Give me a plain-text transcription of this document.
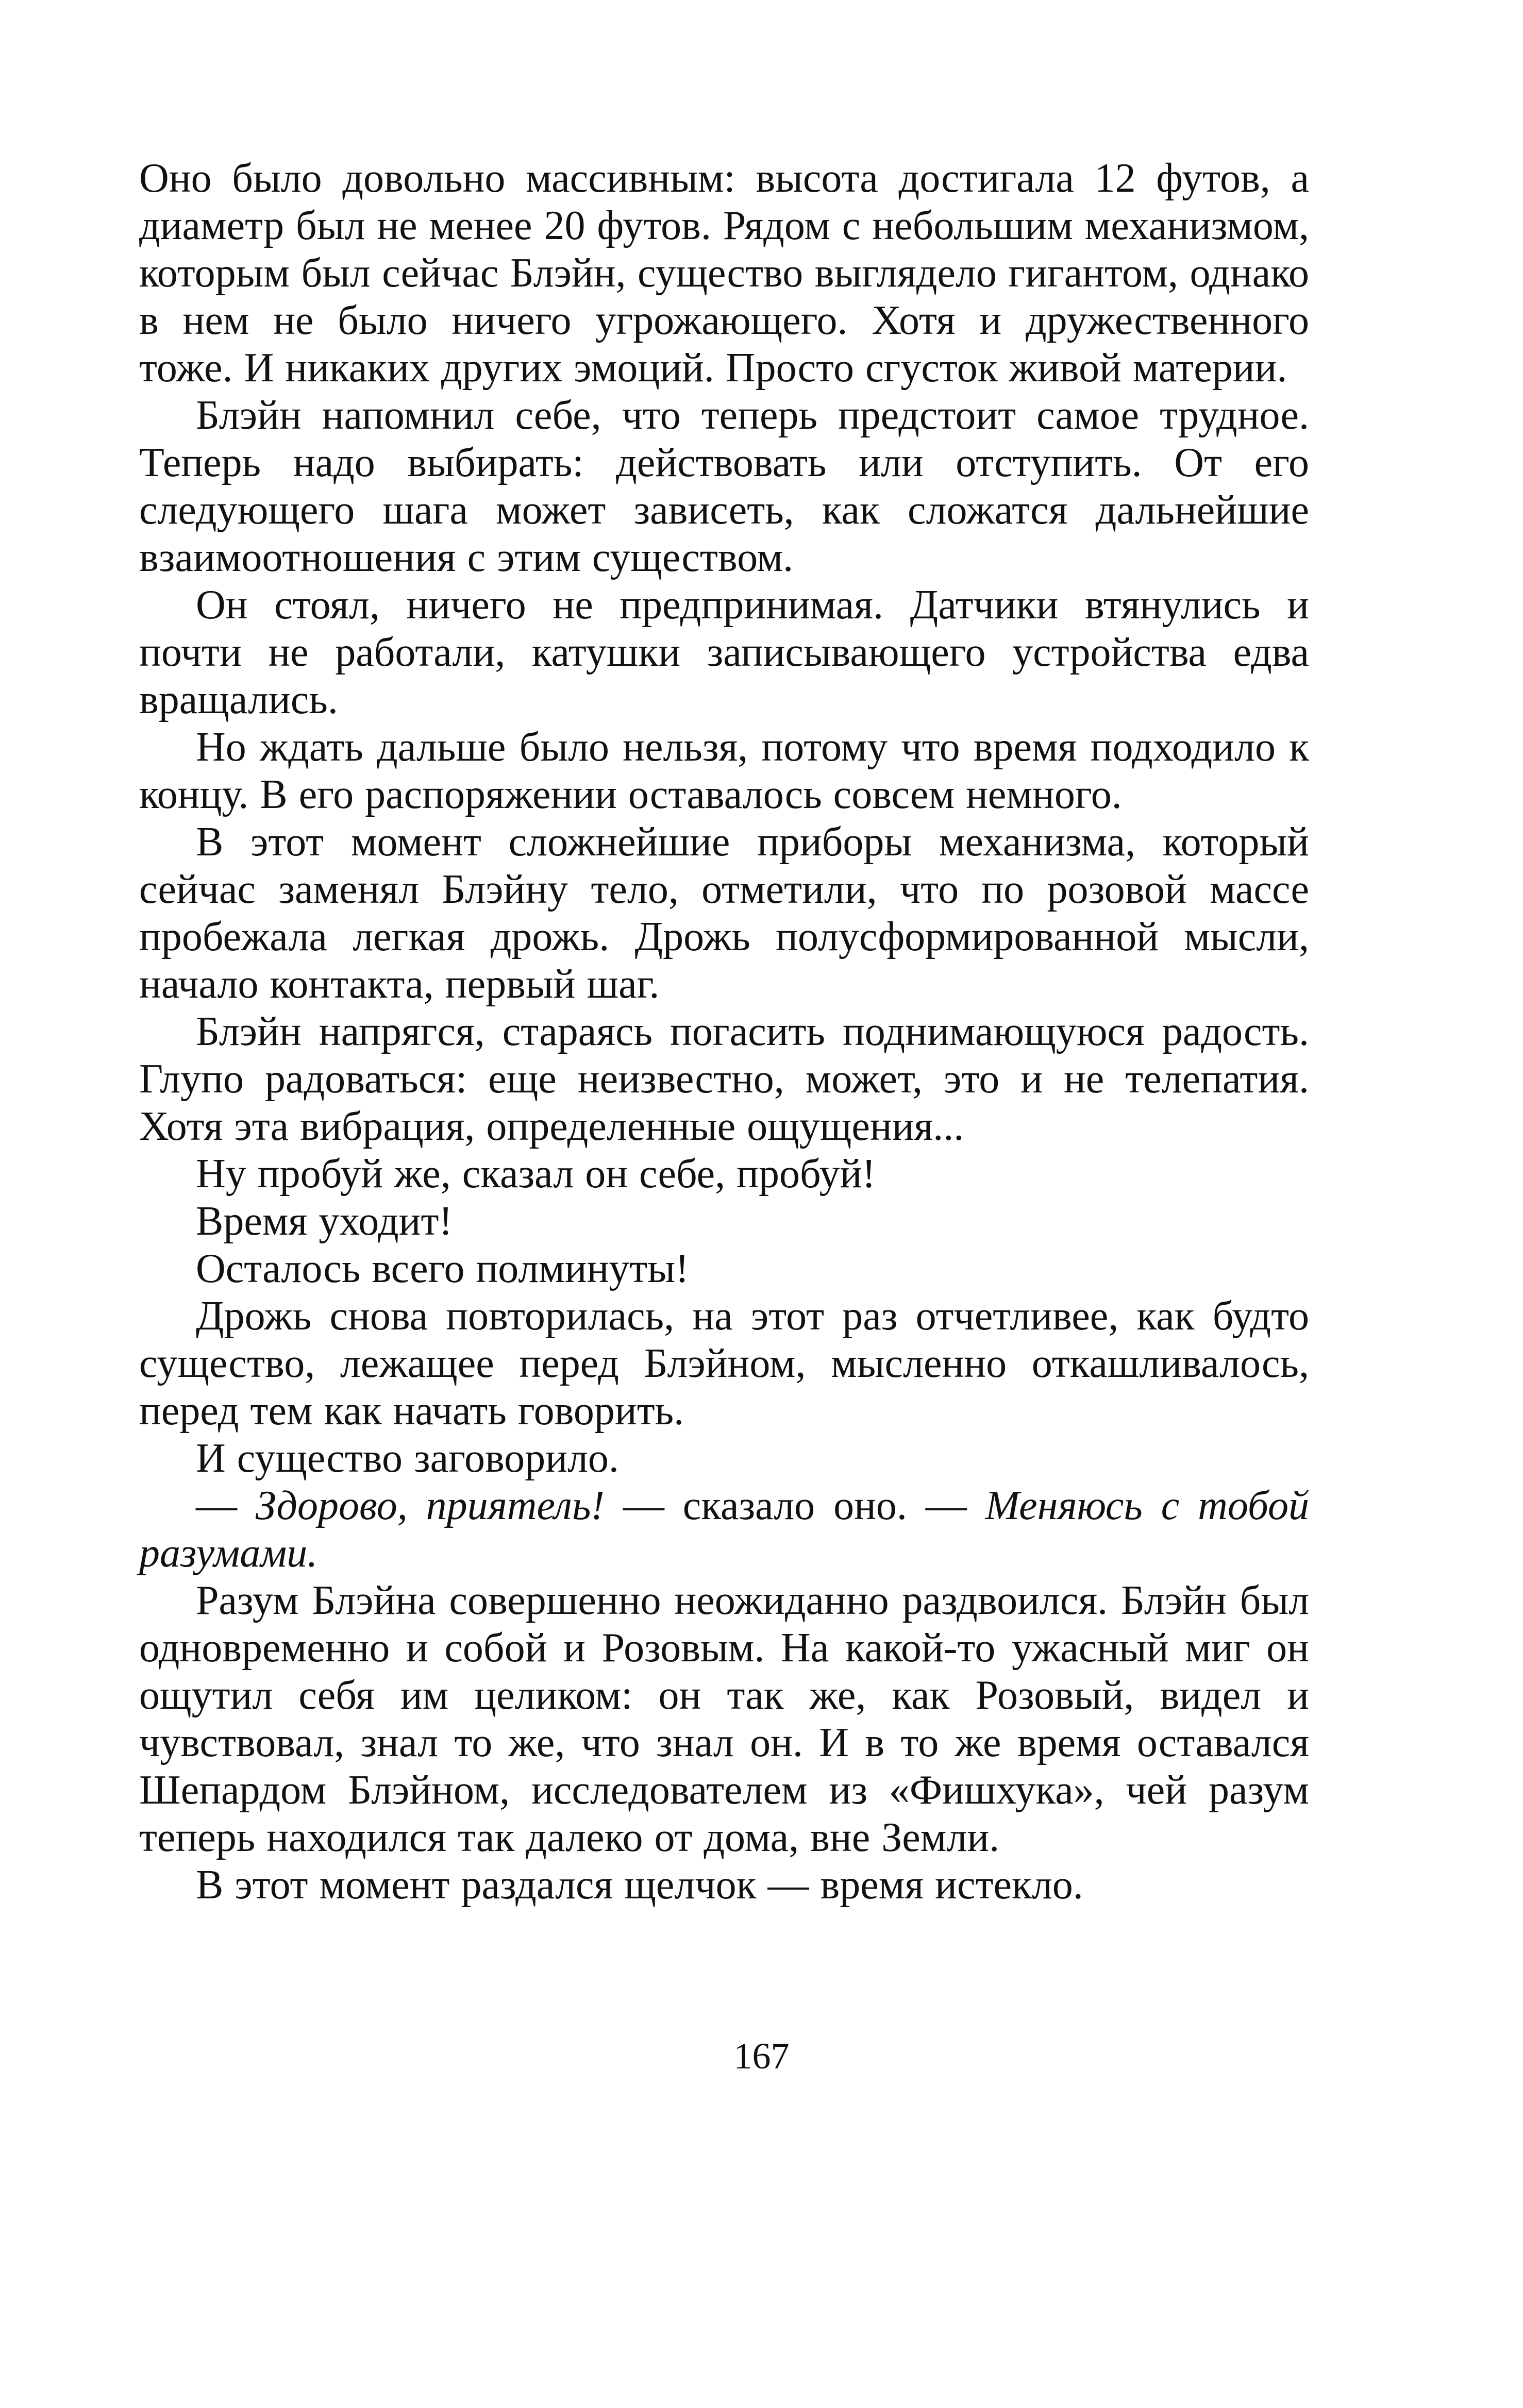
Оно было довольно массивным: высота достигала 12 футов, а диаметр был не менее 20 футов. Рядом с небольшим механизмом, которым был сейчас Блэйн, существо выглядело гигантом, однако в нем не было ничего угрожающего. Хотя и дружественного тоже. И никаких других эмоций. Просто сгусток живой материи.

Блэйн напомнил себе, что теперь предстоит самое трудное. Теперь надо выбирать: действовать или отступить. От его следующего шага может зависеть, как сложатся дальнейшие взаимоотношения с этим существом.

Он стоял, ничего не предпринимая. Датчики втянулись и почти не работали, катушки записывающего устройства едва вращались.

Но ждать дальше было нельзя, потому что время подходило к концу. В его распоряжении оставалось совсем немного.

В этот момент сложнейшие приборы механизма, который сейчас заменял Блэйну тело, отметили, что по розовой массе пробежала легкая дрожь. Дрожь полусформированной мысли, начало контакта, первый шаг.

Блэйн напрягся, стараясь погасить поднимающуюся радость. Глупо радоваться: еще неизвестно, может, это и не телепатия. Хотя эта вибрация, определенные ощущения...

Ну пробуй же, сказал он себе, пробуй!

Время уходит!

Осталось всего полминуты!

Дрожь снова повторилась, на этот раз отчетливее, как будто существо, лежащее перед Блэйном, мысленно откашливалось, перед тем как начать говорить.

И существо заговорило.

— Здорово, приятель! — сказало оно. — Меняюсь с тобой разумами.

Разум Блэйна совершенно неожиданно раздвоился. Блэйн был одновременно и собой и Розовым. На какой-то ужасный миг он ощутил себя им целиком: он так же, как Розовый, видел и чувствовал, знал то же, что знал он. И в то же время оставался Шепардом Блэйном, исследователем из «Фишхука», чей разум теперь находился так далеко от дома, вне Земли.

В этот момент раздался щелчок — время истекло.

167
